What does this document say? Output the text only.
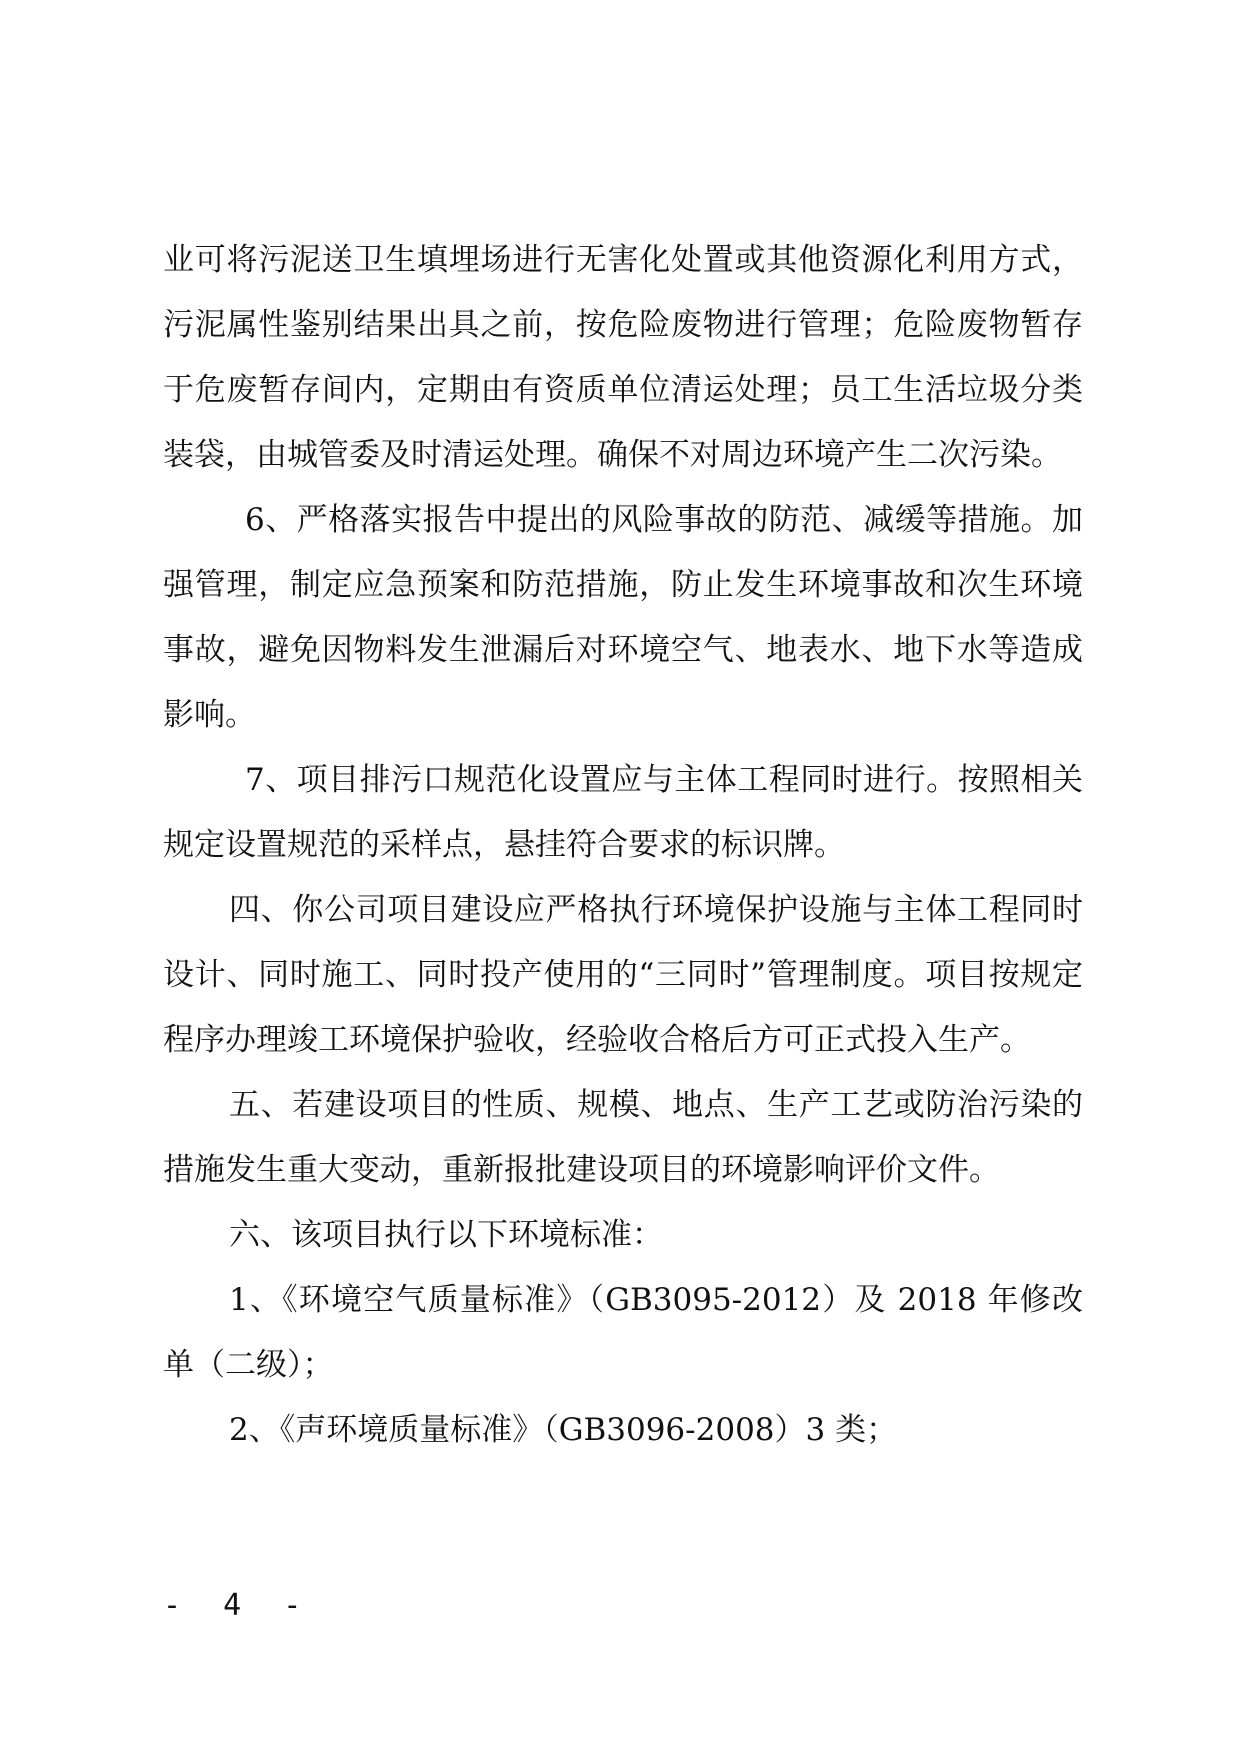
业可将污泥送卫生填埋场进行无害化处置或其他资源化利用方式，污泥属性鉴别结果出具之前，按危险废物进行管理；危险废物暂存于危废暂存间内，定期由有资质单位清运处理；员工生活垃圾分类装袋，由城管委及时清运处理。确保不对周边环境产生二次污染。

6、严格落实报告中提出的风险事故的防范、减缓等措施。加强管理，制定应急预案和防范措施，防止发生环境事故和次生环境事故，避免因物料发生泄漏后对环境空气、地表水、地下水等造成影响。

7、项目排污口规范化设置应与主体工程同时进行。按照相关规定设置规范的采样点，悬挂符合要求的标识牌。

四、你公司项目建设应严格执行环境保护设施与主体工程同时设计、同时施工、同时投产使用的“三同时”管理制度。项目按规定程序办理竣工环境保护验收，经验收合格后方可正式投入生产。

五、若建设项目的性质、规模、地点、生产工艺或防治污染的措施发生重大变动，重新报批建设项目的环境影响评价文件。

六、该项目执行以下环境标准：

1、《环境空气质量标准》（GB3095-2012）及 2018 年修改单（二级）；

2、《声环境质量标准》（GB3096-2008）3 类；

- 4 -
